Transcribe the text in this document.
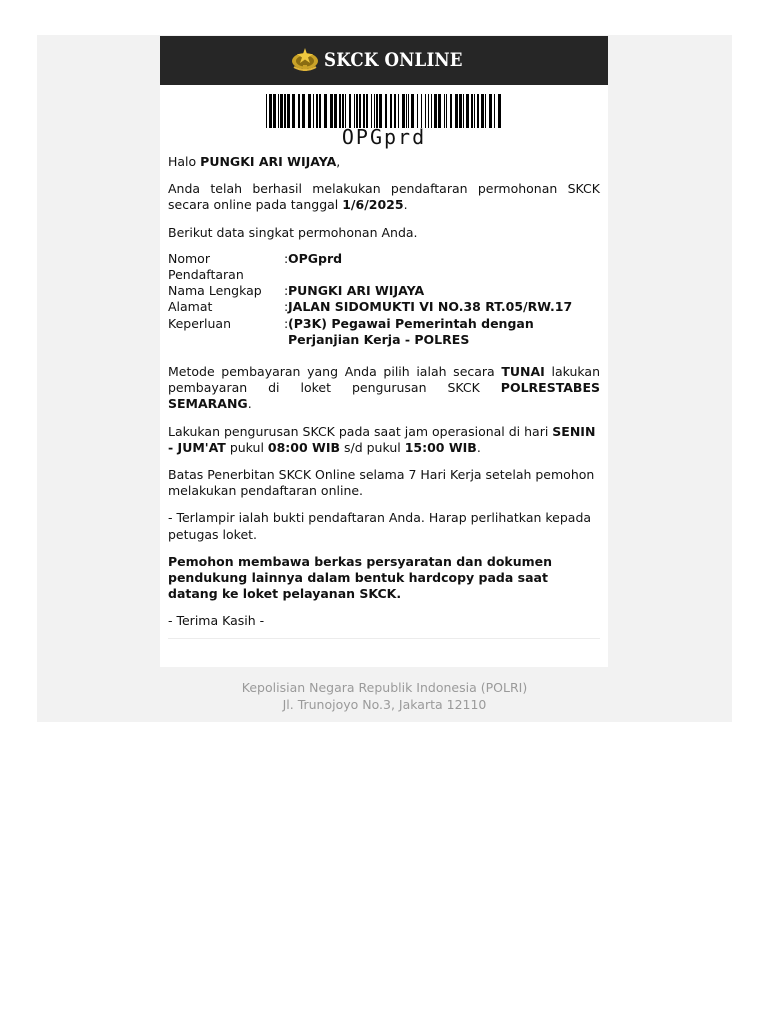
SKCK ONLINE
OPGprd

Halo PUNGKI ARI WIJAYA,

Anda telah berhasil melakukan pendaftaran permohonan SKCK secara online pada tanggal 1/6/2025.

Berikut data singkat permohonan Anda.

Nomor Pendaftaran
: OPGprd
Nama Lengkap	: PUNGKI ARI WIJAYA
Alamat	: JALAN SIDOMUKTI VI NO.38 RT.05/RW.17
Keperluan	: (P3K) Pegawai Pemerintah dengan Perjanjian Kerja - POLRES

Metode pembayaran yang Anda pilih ialah secara TUNAI lakukan pembayaran di loket pengurusan SKCK POLRESTABES SEMARANG.

Lakukan pengurusan SKCK pada saat jam operasional di hari SENIN - JUM'AT pukul 08:00 WIB s/d pukul 15:00 WIB.

Batas Penerbitan SKCK Online selama 7 Hari Kerja setelah pemohon melakukan pendaftaran online.

- Terlampir ialah bukti pendaftaran Anda. Harap perlihatkan kepada petugas loket.

Pemohon membawa berkas persyaratan dan dokumen pendukung lainnya dalam bentuk hardcopy pada saat datang ke loket pelayanan SKCK.

- Terima Kasih -

Kepolisian Negara Republik Indonesia (POLRI)
Jl. Trunojoyo No.3, Jakarta 12110
